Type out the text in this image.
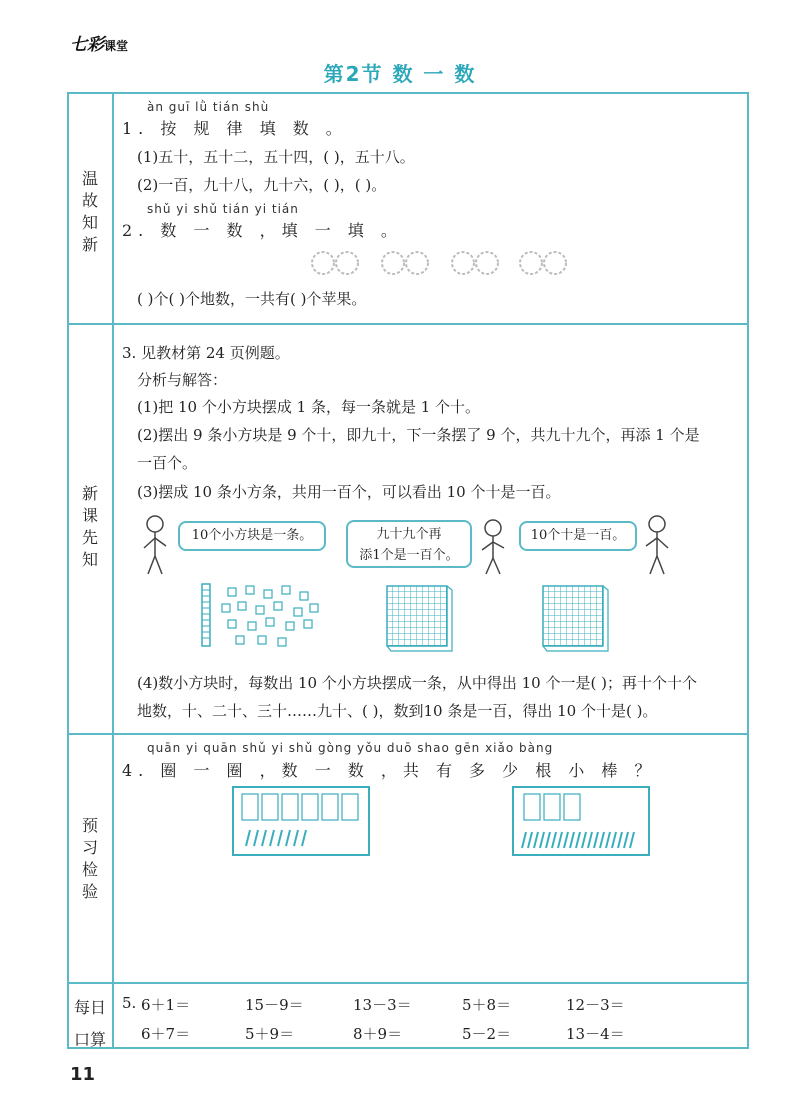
七彩课堂
第2节 数 一 数
温
故
知
新
新
课
先
知
预
习
检
验
每日
口算
àn guī lǜ tián shù
1. 按 规 律 填 数 。
(1)五十，五十二，五十四，( )，五十八。
(2)一百，九十八，九十六，( )，( )。
shǔ yi shǔ tián yi tián
2. 数 一 数 ，填 一 填 。
( )个( )个地数，一共有( )个苹果。
3. 见教材第 24 页例题。
分析与解答：
(1)把 10 个小方块摆成 1 条，每一条就是 1 个十。
(2)摆出 9 条小方块是 9 个十，即九十，下一条摆了 9 个，共九十九个，再添 1 个是
一百个。
(3)摆成 10 条小方条，共用一百个，可以看出 10 个十是一百。
10个小方块是一条。	九十九个再
添1个是一百个。
10个十是一百。
(4)数小方块时，每数出 10 个小方块摆成一条，从中得出 10 个一是( )；再十个十个
地数，十、二十、三十……九十、( )，数到10 条是一百，得出 10 个十是( )。
quān yi quān shǔ yi shǔ gòng yǒu duō shao gēn xiǎo bàng
4. 圈 一 圈 ，数 一 数 ，共 有 多 少 根 小 棒 ？
5. 6＋1＝	15－9＝	13－3＝	5＋8＝	12－3＝
6＋7＝	5＋9＝	8＋9＝	5－2＝	13－4＝
11
